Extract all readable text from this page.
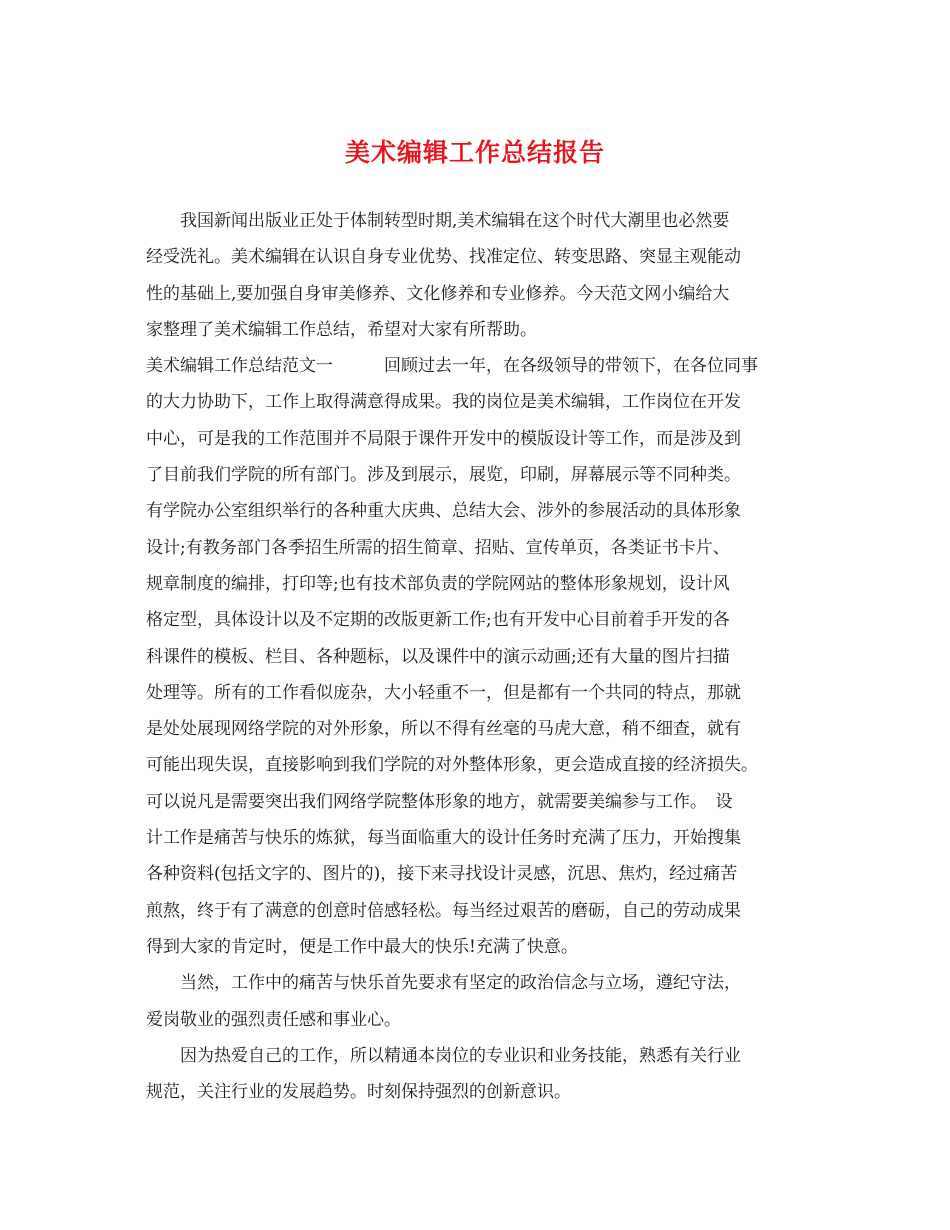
美术编辑工作总结报告
我国新闻出版业正处于体制转型时期,美术编辑在这个时代大潮里也必然要
经受洗礼。美术编辑在认识自身专业优势、找准定位、转变思路、突显主观能动
性的基础上,要加强自身审美修养、文化修养和专业修养。今天范文网小编给大
家整理了美术编辑工作总结，希望对大家有所帮助。
美术编辑工作总结范文一　　　回顾过去一年，在各级领导的带领下，在各位同事
的大力协助下，工作上取得满意得成果。我的岗位是美术编辑，工作岗位在开发
中心，可是我的工作范围并不局限于课件开发中的模版设计等工作，而是涉及到
了目前我们学院的所有部门。涉及到展示，展览，印刷，屏幕展示等不同种类。
有学院办公室组织举行的各种重大庆典、总结大会、涉外的参展活动的具体形象
设计;有教务部门各季招生所需的招生简章、招贴、宣传单页，各类证书卡片、
规章制度的编排，打印等;也有技术部负责的学院网站的整体形象规划，设计风
格定型，具体设计以及不定期的改版更新工作;也有开发中心目前着手开发的各
科课件的模板、栏目、各种题标，以及课件中的演示动画;还有大量的图片扫描
处理等。所有的工作看似庞杂，大小轻重不一，但是都有一个共同的特点，那就
是处处展现网络学院的对外形象，所以不得有丝毫的马虎大意，稍不细查，就有
可能出现失误，直接影响到我们学院的对外整体形象，更会造成直接的经济损失。
可以说凡是需要突出我们网络学院整体形象的地方，就需要美编参与工作。　设
计工作是痛苦与快乐的炼狱，每当面临重大的设计任务时充满了压力，开始搜集
各种资料(包括文字的、图片的)，接下来寻找设计灵感，沉思、焦灼，经过痛苦
煎熬，终于有了满意的创意时倍感轻松。每当经过艰苦的磨砺，自己的劳动成果
得到大家的肯定时，便是工作中最大的快乐!充满了快意。
当然，工作中的痛苦与快乐首先要求有坚定的政治信念与立场，遵纪守法，
爱岗敬业的强烈责任感和事业心。
因为热爱自己的工作，所以精通本岗位的专业识和业务技能，熟悉有关行业
规范，关注行业的发展趋势。时刻保持强烈的创新意识。
